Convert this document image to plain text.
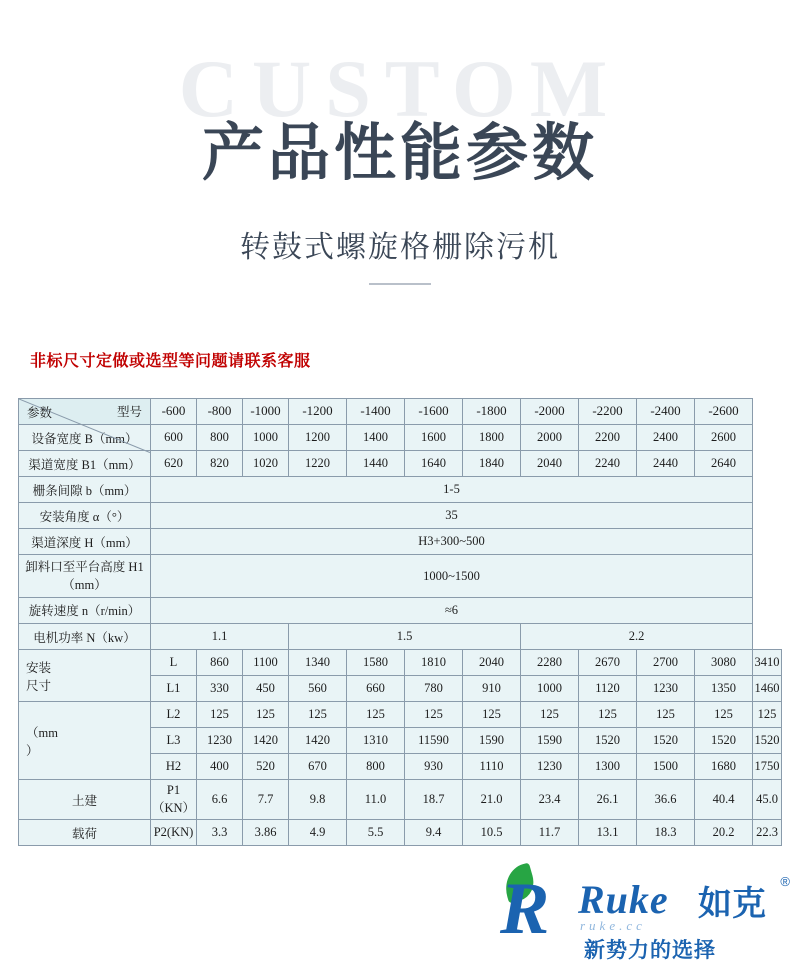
CUSTOM
产品性能参数
转鼓式螺旋格栅除污机
非标尺寸定做或选型等问题请联系客服
型号
参数	-600	-800	-1000	-1200	-1400	-1600	-1800	-2000	-2200	-2400	-2600	
设备宽度 B（mm）	600	800	1000	1200	1400	1600	1800	2000	2200	2400	2600	
渠道宽度 B1（mm）	620	820	1020	1220	1440	1640	1840	2040	2240	2440	2640	
栅条间隙 b（mm）	1-5											
安装角度 α（°）	35											
渠道深度 H（mm）	H3+300~500											
卸料口至平台高度 H1（mm）	1000~1500											
旋转速度 n（r/min）	≈6											
电机功率 N（kw）	1.1			1.5				2.2				

安装
尺寸	L	860	1100	1340	1580	1810	2040	2280	2670	2700	3080	3410
	L1	330	450	560	660	780	910	1000	1120	1230	1350	1460

（mm
）	L2	125	125	125	125	125	125	125	125	125	125	125
	L3	1230	1420	1420	1310	11590	1590	1590	1520	1520	1520	1520
	H2	400	520	670	800	930	1110	1230	1300	1500	1680	1750
土建	P1（KN）	6.6	7.7	9.8	11.0	18.7	21.0	23.4	26.1	36.6	40.4	45.0
载荷	P2(KN)	3.3	3.86	4.9	5.5	9.4	10.5	11.7	13.1	18.3	20.2	22.3
R Ruke 如克
®
ruke.cc
新势力的选择
